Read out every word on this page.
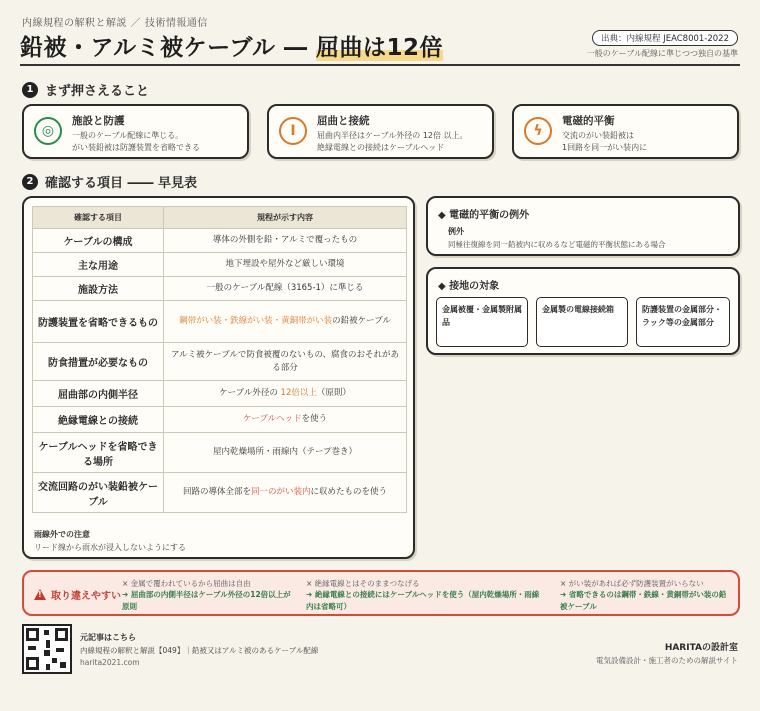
内線規程の解釈と解説 ／ 技術情報通信
鉛被・アルミ被ケーブル ― 屈曲は12倍	出典：内線規程 JEAC8001-2022
一般のケーブル配線に準じつつ独自の基準
1 まず押さえること
◎
施設と防護
一般のケーブル配線に準じる。
がい装鉛被は防護装置を省略できる
Ⅰ
屈曲と接続
屈曲内半径はケーブル外径の 12倍 以上。
絶縁電線との接続はケーブルヘッド
ϟ
電磁的平衡
交流のがい装鉛被は
1回路を同一がい装内に
2 確認する項目 ―― 早見表
確認する項目	規程が示す内容
ケーブルの構成	導体の外側を鉛・アルミで覆ったもの
主な用途	地下埋設や屋外など厳しい環境
施設方法	一般のケーブル配線（3165-1）に準じる
防護装置を省略できるもの	鋼帯がい装・鉄線がい装・黄銅帯がい装の鉛被ケーブル
防食措置が必要なもの	アルミ被ケーブルで防食被覆のないもの、腐食のおそれがある部分
屈曲部の内側半径	ケーブル外径の 12倍以上（原則）
絶縁電線との接続	ケーブルヘッドを使う
ケーブルヘッドを省略できる場所	屋内乾燥場所・雨線内（テープ巻き）
交流回路のがい装鉛被ケーブル	回路の導体全部を同一のがい装内に収めたものを使う
雨線外での注意
リード線から雨水が浸入しないようにする
◆ 電磁的平衡の例外
例外
同極往復線を同一鉛被内に収めるなど電磁的平衡状態にある場合
◆ 接地の対象
金属被覆・金属製附属品
金属製の電線接続箱	防護装置の金属部分・ラック等の金属部分
!
取り違えやすい
× 金属で覆われているから屈曲は自由
➜ 屈曲部の内側半径はケーブル外径の12倍以上が原則
× 絶縁電線とはそのままつなげる
➜ 絶縁電線との接続にはケーブルヘッドを使う（屋内乾燥場所・雨線内は省略可）
× がい装があれば必ず防護装置がいらない
➜ 省略できるのは鋼帯・鉄線・黄銅帯がい装の鉛被ケーブル
元記事はこちら
内線規程の解釈と解説【049】｜鉛被又はアルミ被のあるケーブル配線
harita2021.com
HARITAの設計室
電気設備設計・施工者のための解説サイト
